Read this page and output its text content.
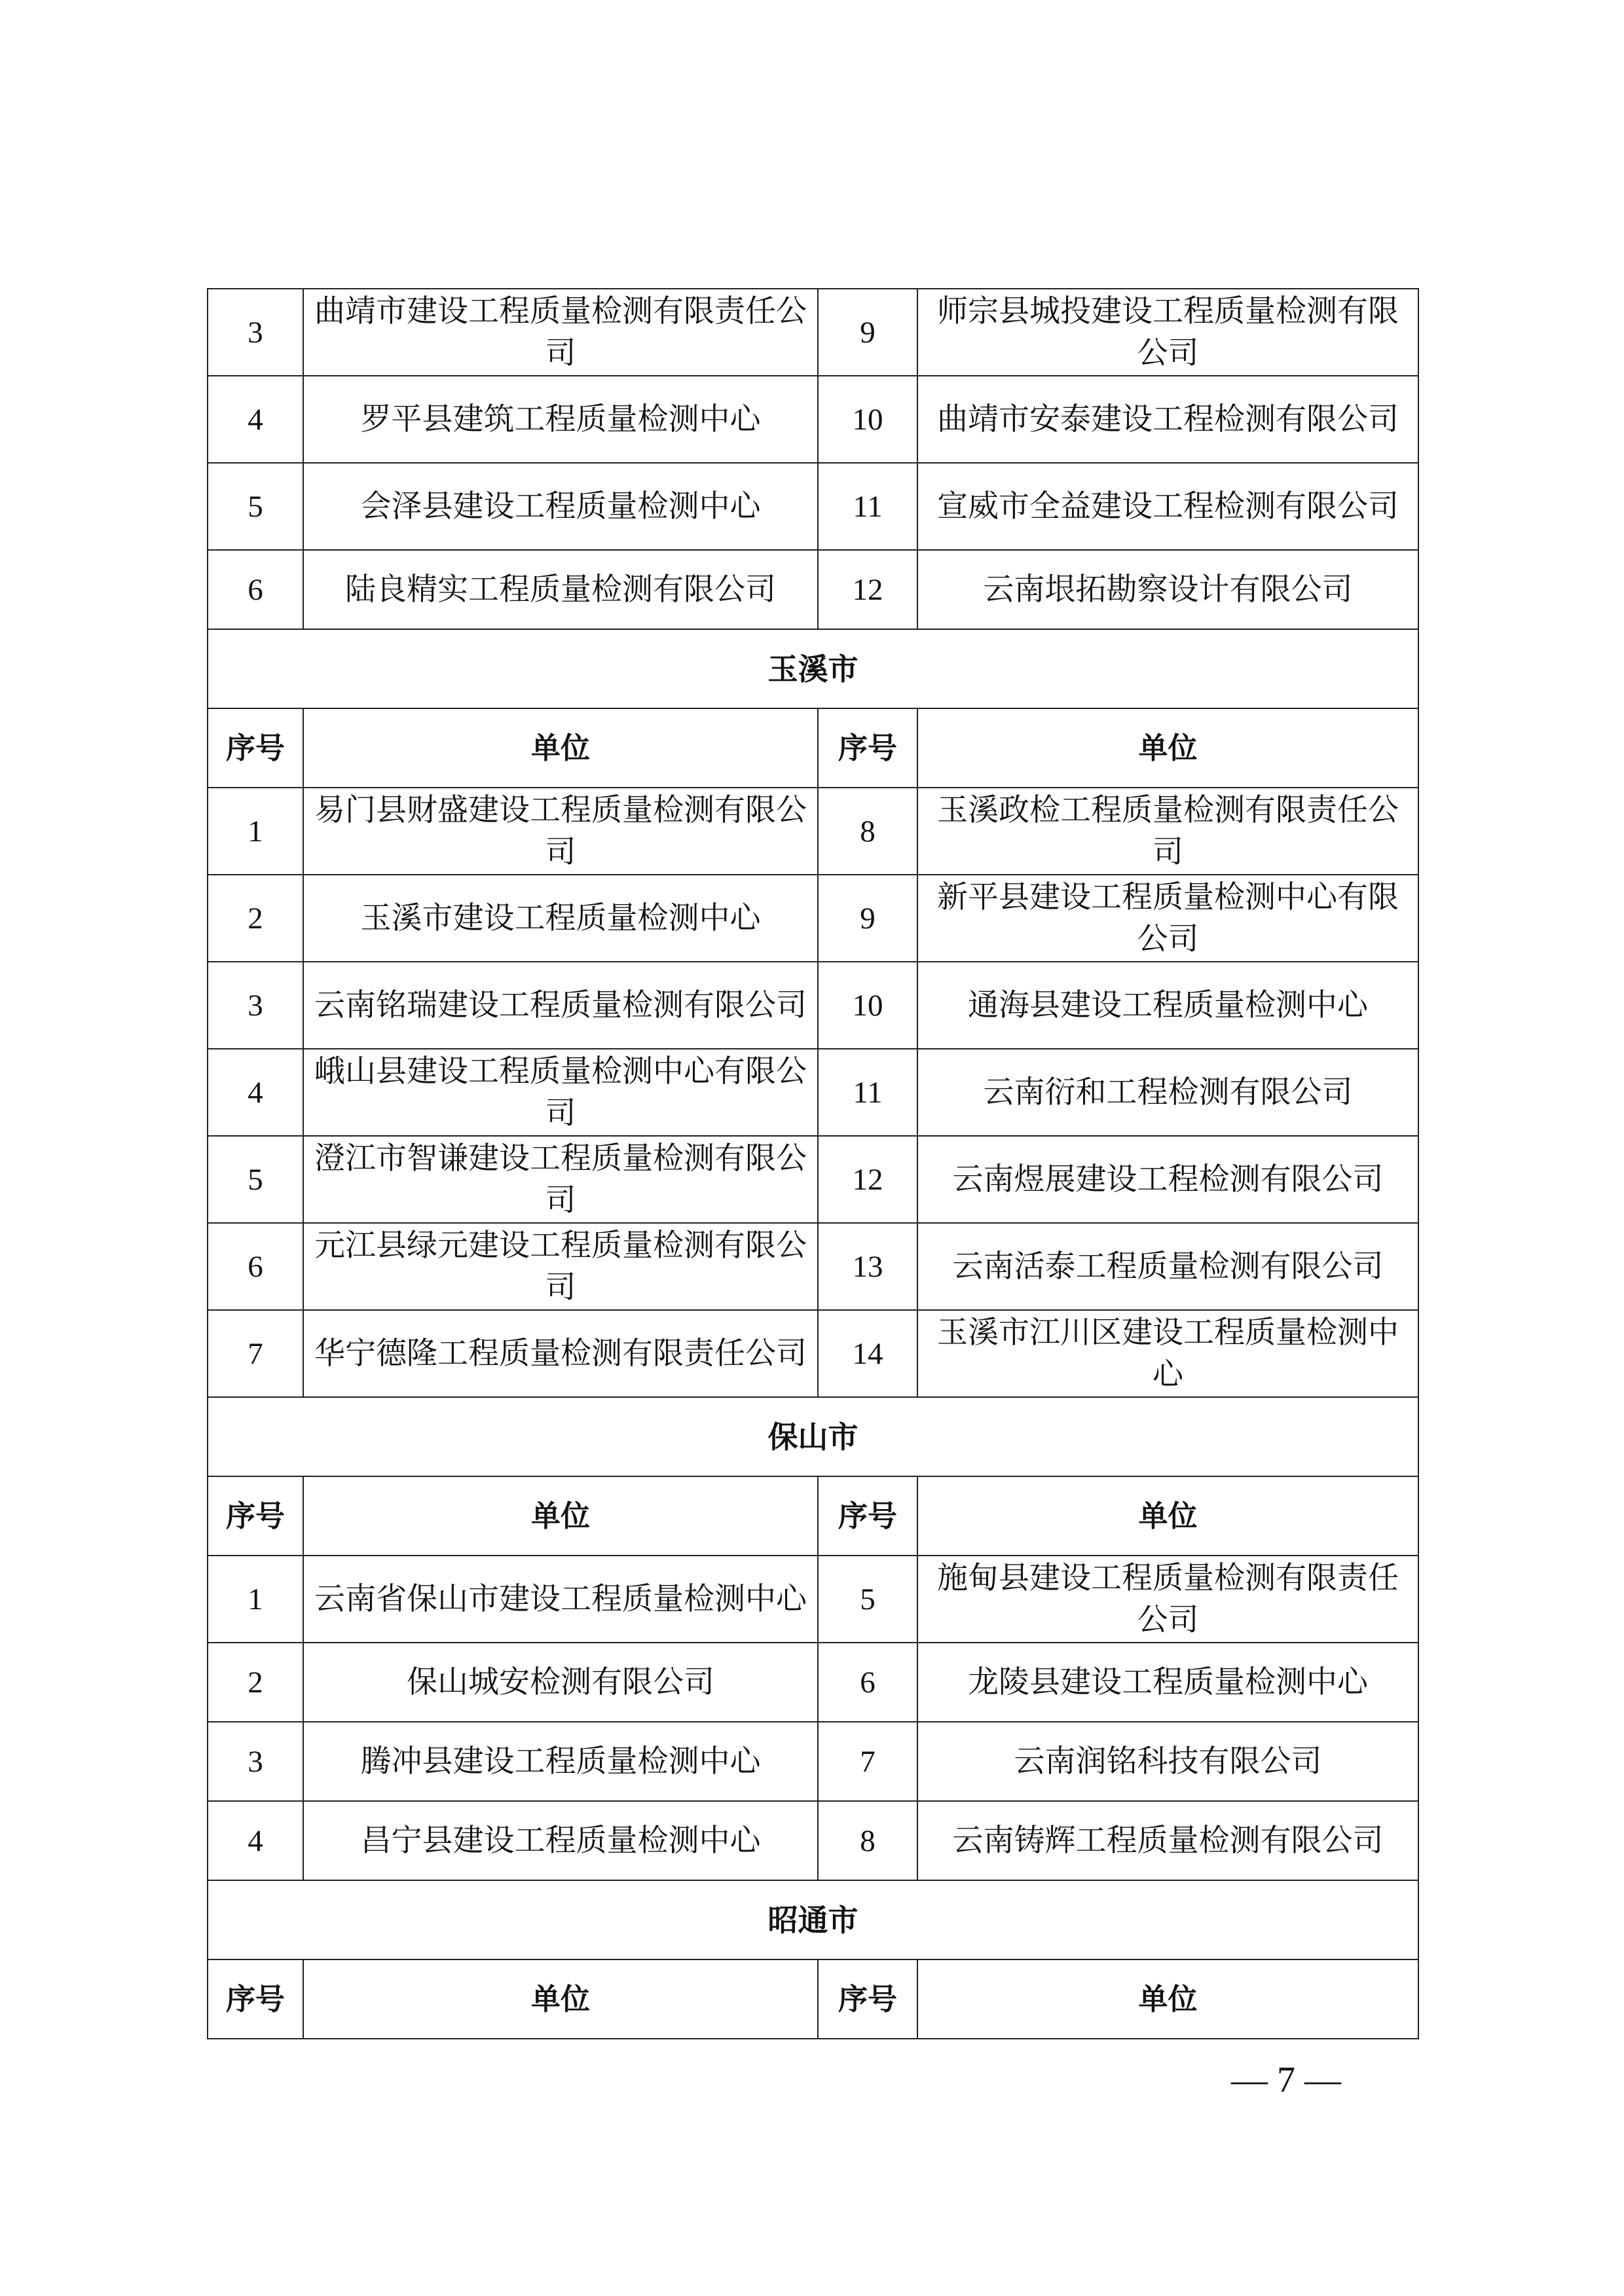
3	曲靖市建设工程质量检测有限责任公司	9	师宗县城投建设工程质量检测有限公司
4	罗平县建筑工程质量检测中心	10	曲靖市安泰建设工程检测有限公司
5	会泽县建设工程质量检测中心	11	宣威市全益建设工程检测有限公司
6	陆良精实工程质量检测有限公司	12	云南垠拓勘察设计有限公司
玉溪市			
序号	单位	序号	单位
1	易门县财盛建设工程质量检测有限公司	8	玉溪政检工程质量检测有限责任公司
2	玉溪市建设工程质量检测中心	9	新平县建设工程质量检测中心有限公司
3	云南铭瑞建设工程质量检测有限公司	10	通海县建设工程质量检测中心
4	峨山县建设工程质量检测中心有限公司	11	云南衍和工程检测有限公司
5	澄江市智谦建设工程质量检测有限公司	12	云南煜展建设工程检测有限公司
6	元江县绿元建设工程质量检测有限公司	13	云南活泰工程质量检测有限公司
7	华宁德隆工程质量检测有限责任公司	14	玉溪市江川区建设工程质量检测中心
保山市			
序号	单位	序号	单位
1	云南省保山市建设工程质量检测中心	5	施甸县建设工程质量检测有限责任公司
2	保山城安检测有限公司	6	龙陵县建设工程质量检测中心
3	腾冲县建设工程质量检测中心	7	云南润铭科技有限公司
4	昌宁县建设工程质量检测中心	8	云南铸辉工程质量检测有限公司
昭通市			
序号	单位	序号	单位
— 7 —
